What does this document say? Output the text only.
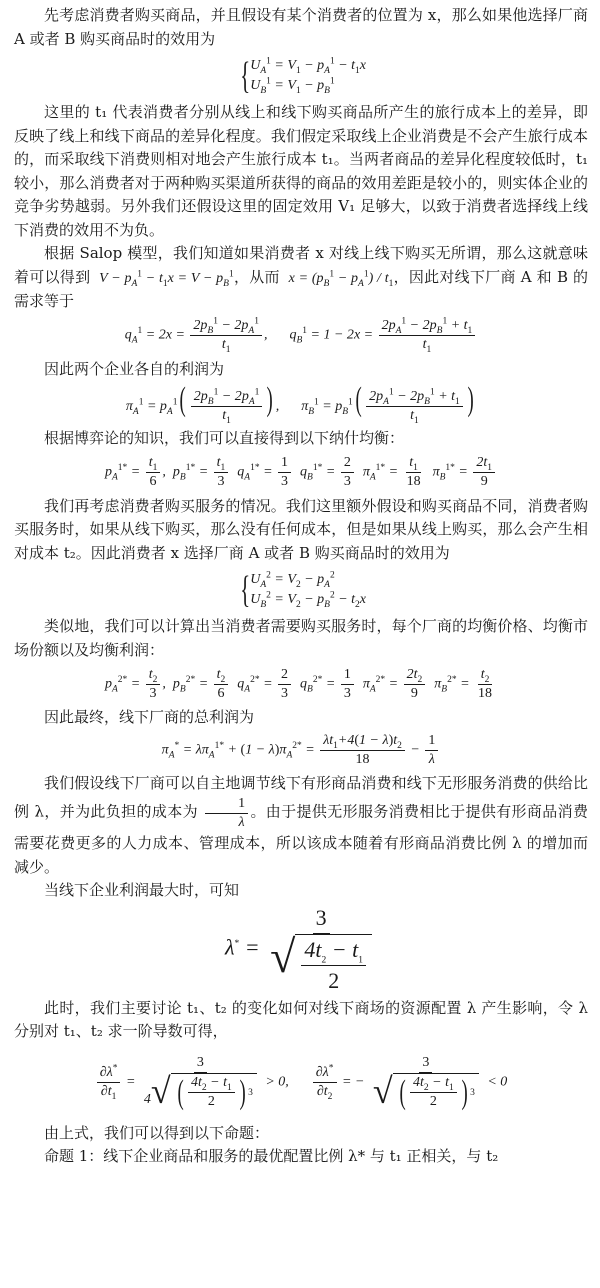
先考虑消费者购买商品，并且假设有某个消费者的位置为 x，那么如果他选择厂商 A 或者 B 购买商品时的效用为

{ $U_A^1 = V_1 - p_A^1 - t_1x$
$U_B^1 = V_1 - p_B^1$

这里的 t₁ 代表消费者分别从线上和线下购买商品所产生的旅行成本上的差异，即反映了线上和线下商品的差异化程度。我们假定采取线上企业消费是不会产生旅行成本的，而采取线下消费则相对地会产生旅行成本 t₁。当两者商品的差异化程度较低时，t₁ 较小，那么消费者对于两种购买渠道所获得的商品的效用差距是较小的，则实体企业的竞争劣势越弱。另外我们还假设这里的固定效用 V₁ 足够大，以致于消费者选择线上线下消费的效用不为负。

根据 Salop 模型，我们知道如果消费者 x 对线上线下购买无所谓，那么这就意味着可以得到 $V - p_A^1 - t_1x = V - p_B^1$，从而 $x = (p_B^1 - p_A^1) / t_1$，因此对线下厂商 A 和 B 的需求等于

$q_A^1 = 2x = \frac{2p_B^1 - 2p_A^1}{t_1}$ , $q_B^1 = 1 - 2x = \frac{2p_A^1 - 2p_B^1 + t_1}{t_1}$

因此两个企业各自的利润为

$\pi_A^1 = p_A^1( \frac{2p_B^1 - 2p_A^1}{t_1}$ ) , $\pi_B^1 = p_B^1( \frac{2p_A^1 - 2p_B^1 + t_1}{t_1}$ )

根据博弈论的知识，我们可以直接得到以下纳什均衡：

$p_A^{1*} = \frac{t_1}{6}$ ,  $p_B^{1*} = \frac{t_1}{3} q_A^{1*} = \frac{1}{3} q_B^{1*} = \frac{2}{3} \pi_A^{1*} = \frac{t_1}{18} \pi_B^{1*} = \frac{2t_1}{9}$

我们再考虑消费者购买服务的情况。我们这里额外假设和购买商品不同，消费者购买服务时，如果从线下购买，那么没有任何成本，但是如果从线上购买，那么会产生相对成本 t₂。因此消费者 x 选择厂商 A 或者 B 购买商品时的效用为

{ $U_A^2 = V_2 - p_A^2$
$U_B^2 = V_2 - p_B^2 - t_2x$

类似地，我们可以计算出当消费者需要购买服务时，每个厂商的均衡价格、均衡市场份额以及均衡利润：

$p_A^{2*} = \frac{t_2}{3}$ ,  $p_B^{2*} = \frac{t_2}{6} q_A^{2*} = \frac{2}{3} q_B^{2*} = \frac{1}{3} \pi_A^{2*} = \frac{2t_2}{9} \pi_B^{2*} = \frac{t_2}{18}$

因此最终，线下厂商的总利润为

$\pi_A^* = \lambda\pi_A^{1*} + (1 - \lambda)\pi_A^{2*} = \frac{\lambda t_1+4(1 - \lambda)t_2}{18} - \frac{1}{\lambda}$

我们假设线下厂商可以自主地调节线下有形商品消费和线下无形服务消费的供给比例 λ，并为此负担的成本为 $\frac{1}{\lambda}$ 。由于提供无形服务消费相比于提供有形商品消费需要花费更多的人力成本、管理成本，所以该成本随着有形商品消费比例 λ 的增加而减少。

当线下企业利润最大时，可知

$\lambda^* = \frac{3}{√ \frac{4t_2 - t_1}{2}}$

此时，我们主要讨论 t₁、t₂ 的变化如何对线下商场的资源配置 λ 产生影响，令 λ 分别对 t₁、t₂ 求一阶导数可得，

$\frac{\partial\lambda^*}{\partial t_1} = \frac{3}{4 √ ( \frac{4t_2 - t_1}{2} ) 3} > 0$, $\frac{\partial\lambda^*}{\partial t_2}$ = − $\frac{3}{√ ( \frac{4t_2 - t_1}{2} ) 3} < 0$

由上式，我们可以得到以下命题：

命题 1：线下企业商品和服务的最优配置比例 λ* 与 t₁ 正相关，与 t₂
